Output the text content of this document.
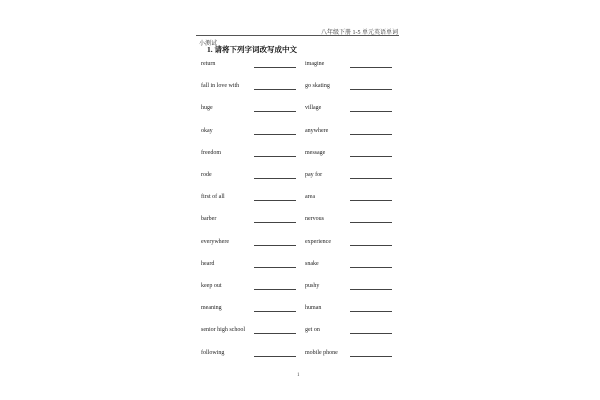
八年级下册 1-5 单元英语单词
小测试
1. 请将下列字词改写成中文
return	imagine
fall in love with	go skating
huge	village
okay	anywhere
freedom	message
rode	pay for
first of all	area
barber	nervous
everywhere	experience
heard	snake
keep out	pushy
meaning	human
senior high school	get on
following	mobile phone
1
